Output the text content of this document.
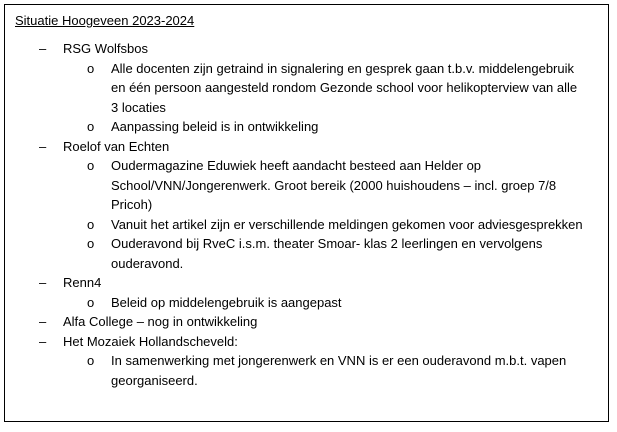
Situatie Hoogeveen 2023-2024
– RSG Wolfsbos
o Alle docenten zijn getraind in signalering en gesprek gaan t.b.v. middelengebruik
en één persoon aangesteld rondom Gezonde school voor helikopterview van alle
3 locaties
o Aanpassing beleid is in ontwikkeling
– Roelof van Echten
o Oudermagazine Eduwiek heeft aandacht besteed aan Helder op
School/VNN/Jongerenwerk. Groot bereik (2000 huishoudens – incl. groep 7/8
Pricoh)
o Vanuit het artikel zijn er verschillende meldingen gekomen voor adviesgesprekken
o Ouderavond bij RveC i.s.m. theater Smoar- klas 2 leerlingen en vervolgens
ouderavond.
– Renn4
o Beleid op middelengebruik is aangepast
– Alfa College – nog in ontwikkeling
– Het Mozaiek Hollandscheveld:
o In samenwerking met jongerenwerk en VNN is er een ouderavond m.b.t. vapen
georganiseerd.
